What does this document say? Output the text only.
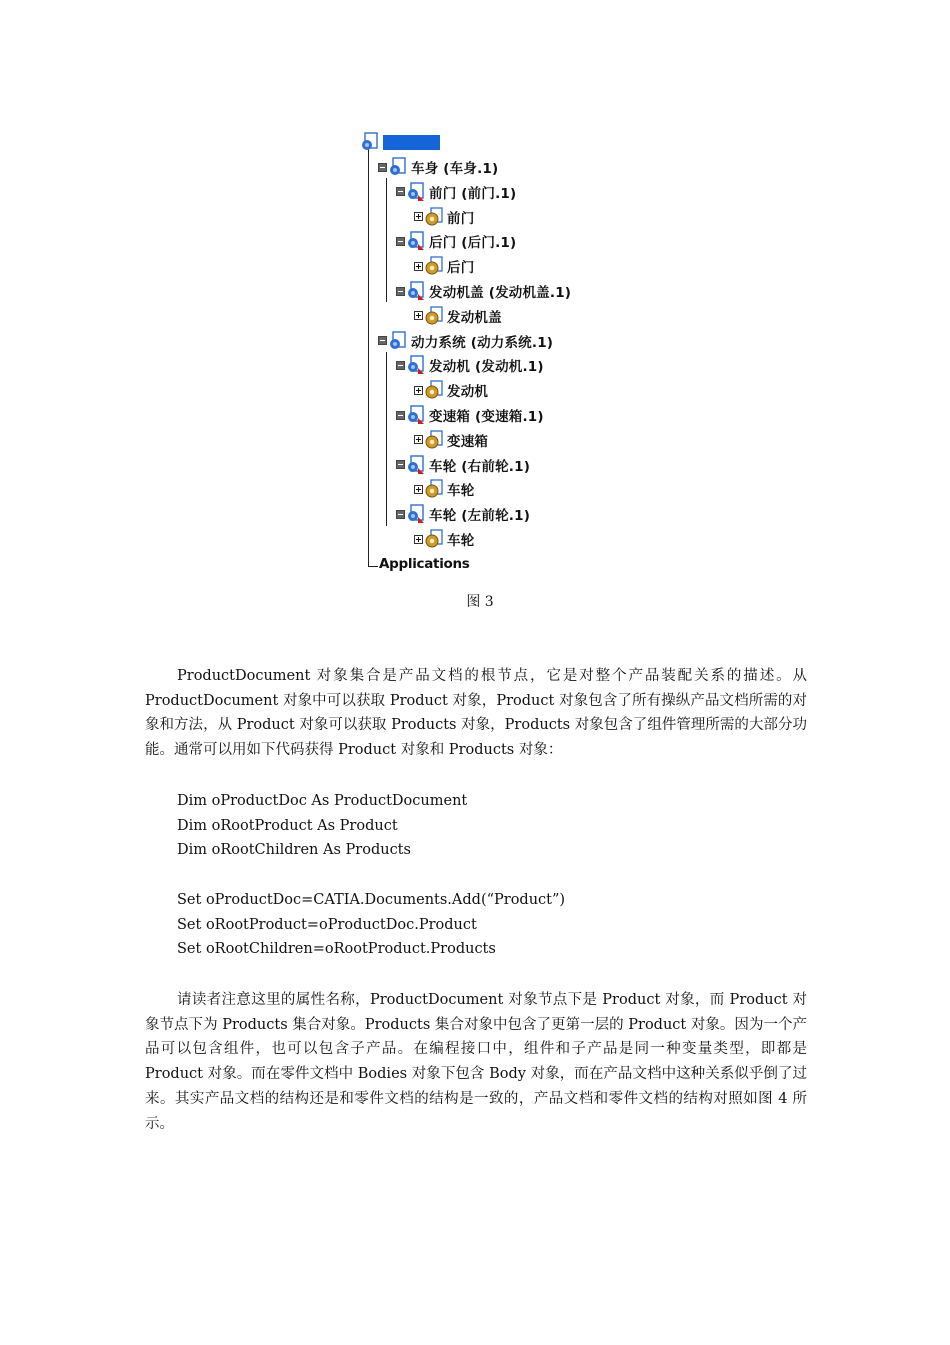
车身 (车身.1)
前门 (前门.1)
前门
后门 (后门.1)
后门
发动机盖 (发动机盖.1)
发动机盖
动力系统 (动力系统.1)
发动机 (发动机.1)
发动机
变速箱 (变速箱.1)
变速箱
车轮 (右前轮.1)
车轮
车轮 (左前轮.1)
车轮
Applications
图 3
ProductDocument 对象集合是产品文档的根节点，它是对整个产品装配关系的描述。从 ProductDocument 对象中可以获取 Product 对象，Product 对象包含了所有操纵产品文档所需的对象和方法，从 Product 对象可以获取 Products 对象，Products 对象包含了组件管理所需的大部分功能。通常可以用如下代码获得 Product 对象和 Products 对象：
Dim oProductDoc As ProductDocument
Dim oRootProduct As Product
Dim oRootChildren As Products
Set oProductDoc=CATIA.Documents.Add(“Product”)
Set oRootProduct=oProductDoc.Product
Set oRootChildren=oRootProduct.Products
请读者注意这里的属性名称，ProductDocument 对象节点下是 Product 对象，而 Product 对象节点下为 Products 集合对象。Products 集合对象中包含了更第一层的 Product 对象。因为一个产品可以包含组件，也可以包含子产品。在编程接口中，组件和子产品是同一种变量类型，即都是 Product 对象。而在零件文档中 Bodies 对象下包含 Body 对象，而在产品文档中这种关系似乎倒了过来。其实产品文档的结构还是和零件文档的结构是一致的，产品文档和零件文档的结构对照如图 4 所示。
